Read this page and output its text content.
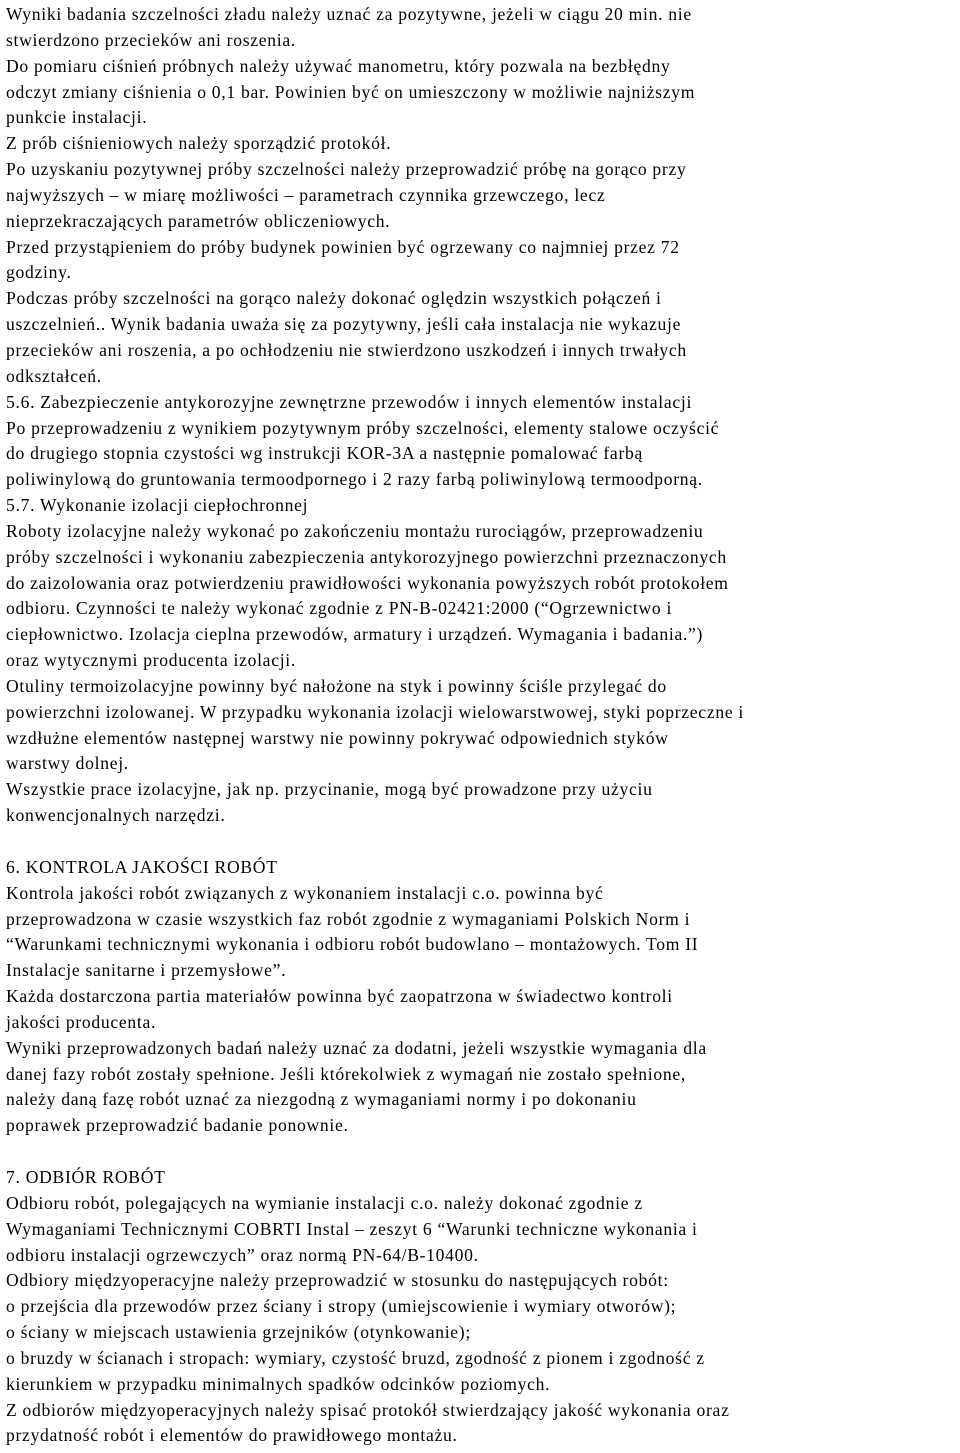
Wyniki badania szczelności zładu należy uznać za pozytywne, jeżeli w ciągu 20 min. nie
stwierdzono przecieków ani roszenia.
Do pomiaru ciśnień próbnych należy używać manometru, który pozwala na bezbłędny
odczyt zmiany ciśnienia o 0,1 bar. Powinien być on umieszczony w możliwie najniższym
punkcie instalacji.
Z prób ciśnieniowych należy sporządzić protokół.
Po uzyskaniu pozytywnej próby szczelności należy przeprowadzić próbę na gorąco przy
najwyższych – w miarę możliwości – parametrach czynnika grzewczego, lecz
nieprzekraczających parametrów obliczeniowych.
Przed przystąpieniem do próby budynek powinien być ogrzewany co najmniej przez 72
godziny.
Podczas próby szczelności na gorąco należy dokonać oględzin wszystkich połączeń i
uszczelnień.. Wynik badania uważa się za pozytywny, jeśli cała instalacja nie wykazuje
przecieków ani roszenia, a po ochłodzeniu nie stwierdzono uszkodzeń i innych trwałych
odkształceń.
5.6. Zabezpieczenie antykorozyjne zewnętrzne przewodów i innych elementów instalacji
Po przeprowadzeniu z wynikiem pozytywnym próby szczelności, elementy stalowe oczyścić
do drugiego stopnia czystości wg instrukcji KOR-3A a następnie pomalować farbą
poliwinylową do gruntowania termoodpornego i 2 razy farbą poliwinylową termoodporną.
5.7. Wykonanie izolacji ciepłochronnej
Roboty izolacyjne należy wykonać po zakończeniu montażu rurociągów, przeprowadzeniu
próby szczelności i wykonaniu zabezpieczenia antykorozyjnego powierzchni przeznaczonych
do zaizolowania oraz potwierdzeniu prawidłowości wykonania powyższych robót protokołem
odbioru. Czynności te należy wykonać zgodnie z PN-B-02421:2000 (“Ogrzewnictwo i
ciepłownictwo. Izolacja cieplna przewodów, armatury i urządzeń. Wymagania i badania.”)
oraz wytycznymi producenta izolacji.
Otuliny termoizolacyjne powinny być nałożone na styk i powinny ściśle przylegać do
powierzchni izolowanej. W przypadku wykonania izolacji wielowarstwowej, styki poprzeczne i
wzdłużne elementów następnej warstwy nie powinny pokrywać odpowiednich styków
warstwy dolnej.
Wszystkie prace izolacyjne, jak np. przycinanie, mogą być prowadzone przy użyciu
konwencjonalnych narzędzi.
6. KONTROLA JAKOŚCI ROBÓT
Kontrola jakości robót związanych z wykonaniem instalacji c.o. powinna być
przeprowadzona w czasie wszystkich faz robót zgodnie z wymaganiami Polskich Norm i
“Warunkami technicznymi wykonania i odbioru robót budowlano – montażowych. Tom II
Instalacje sanitarne i przemysłowe”.
Każda dostarczona partia materiałów powinna być zaopatrzona w świadectwo kontroli
jakości producenta.
Wyniki przeprowadzonych badań należy uznać za dodatni, jeżeli wszystkie wymagania dla
danej fazy robót zostały spełnione. Jeśli którekolwiek z wymagań nie zostało spełnione,
należy daną fazę robót uznać za niezgodną z wymaganiami normy i po dokonaniu
poprawek przeprowadzić badanie ponownie.
7. ODBIÓR ROBÓT
Odbioru robót, polegających na wymianie instalacji c.o. należy dokonać zgodnie z
Wymaganiami Technicznymi COBRTI Instal – zeszyt 6 “Warunki techniczne wykonania i
odbioru instalacji ogrzewczych” oraz normą PN-64/B-10400.
Odbiory międzyoperacyjne należy przeprowadzić w stosunku do następujących robót:
o przejścia dla przewodów przez ściany i stropy (umiejscowienie i wymiary otworów);
o ściany w miejscach ustawienia grzejników (otynkowanie);
o bruzdy w ścianach i stropach: wymiary, czystość bruzd, zgodność z pionem i zgodność z
kierunkiem w przypadku minimalnych spadków odcinków poziomych.
Z odbiorów międzyoperacyjnych należy spisać protokół stwierdzający jakość wykonania oraz
przydatność robót i elementów do prawidłowego montażu.
